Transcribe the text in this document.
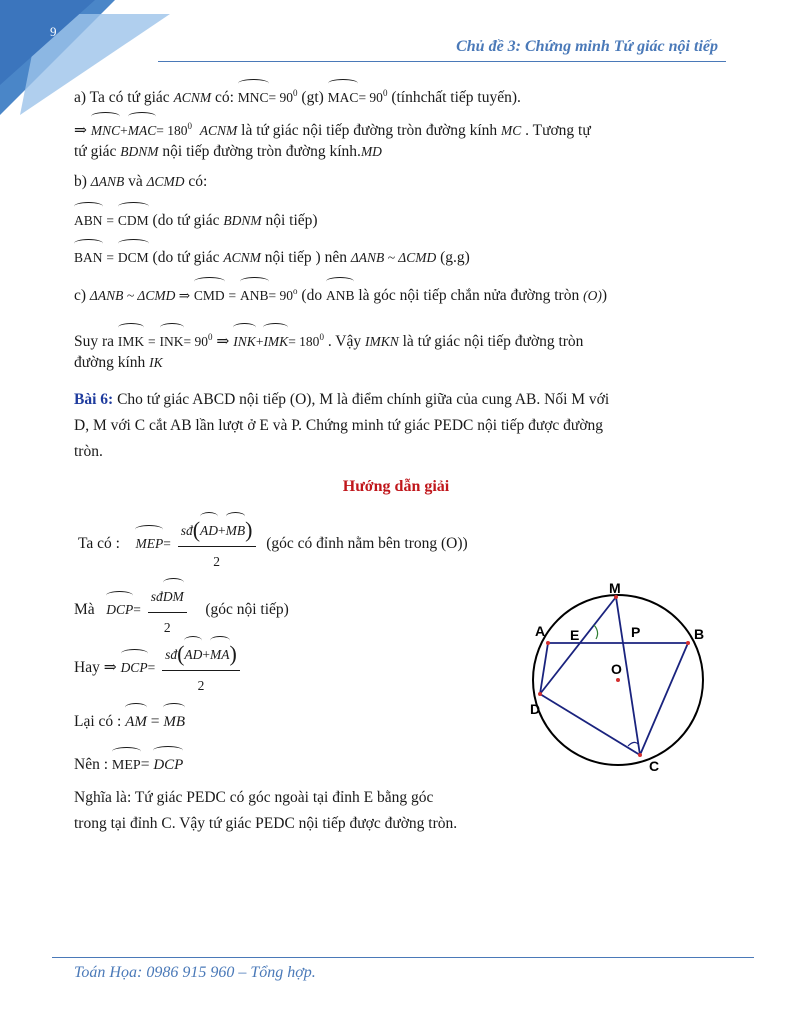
9
Chủ đề 3: Chứng minh Tứ giác nội tiếp
a) Ta có tứ giác ACNM có: $MNC= 90^0$ (gt) $MAC= 90^0$ (tínhchất tiếp tuyến).
⇒ $MNC+MAC= 180^0$ ACNM là tứ giác nội tiếp đường tròn đường kính MC . Tương tự
tứ giác BDNM nội tiếp đường tròn đường kính.MD
b) ΔANB và ΔCMD có:
ABN = CDM (do tứ giác BDNM nội tiếp)
BAN = DCM (do tứ giác ACNM nội tiếp ) nên ΔANB ~ ΔCMD (g.g)
c) ΔANB ~ ΔCMD ⇒ CMD = $ANB= 90^o$ (do ANB là góc nội tiếp chắn nửa đường tròn (O))
Suy ra IMK = $INK= 90^0$ ⇒ $INK+IMK= 180^0$ . Vậy IMKN là tứ giác nội tiếp đường tròn
đường kính IK
Bài 6: Cho tứ giác ABCD nội tiếp (O), M là điểm chính giữa của cung AB. Nối M với
D, M với C cắt AB lần lượt ở E và P. Chứng minh tứ giác PEDC nội tiếp được đường
tròn.
Hướng dẫn giải
Ta có : $MEP= \frac{sđ(AD+MB)}{2}$ (góc có đỉnh nằm bên trong (O))
Mà $DCP= \frac{\text{sđDM}}{2}$ (góc nội tiếp)
Hay ⇒ $DCP= \frac{sđ(AD+MA)}{2}$
Lại có : AM = MB
Nên : MEP= DCP
Nghĩa là: Tứ giác PEDC có góc ngoài tại đỉnh E bằng góc
trong tại đỉnh C. Vậy tứ giác PEDC nội tiếp được đường tròn.
M
A E	P	B
O
D
C
Toán Họa: 0986 915 960 – Tổng hợp.
